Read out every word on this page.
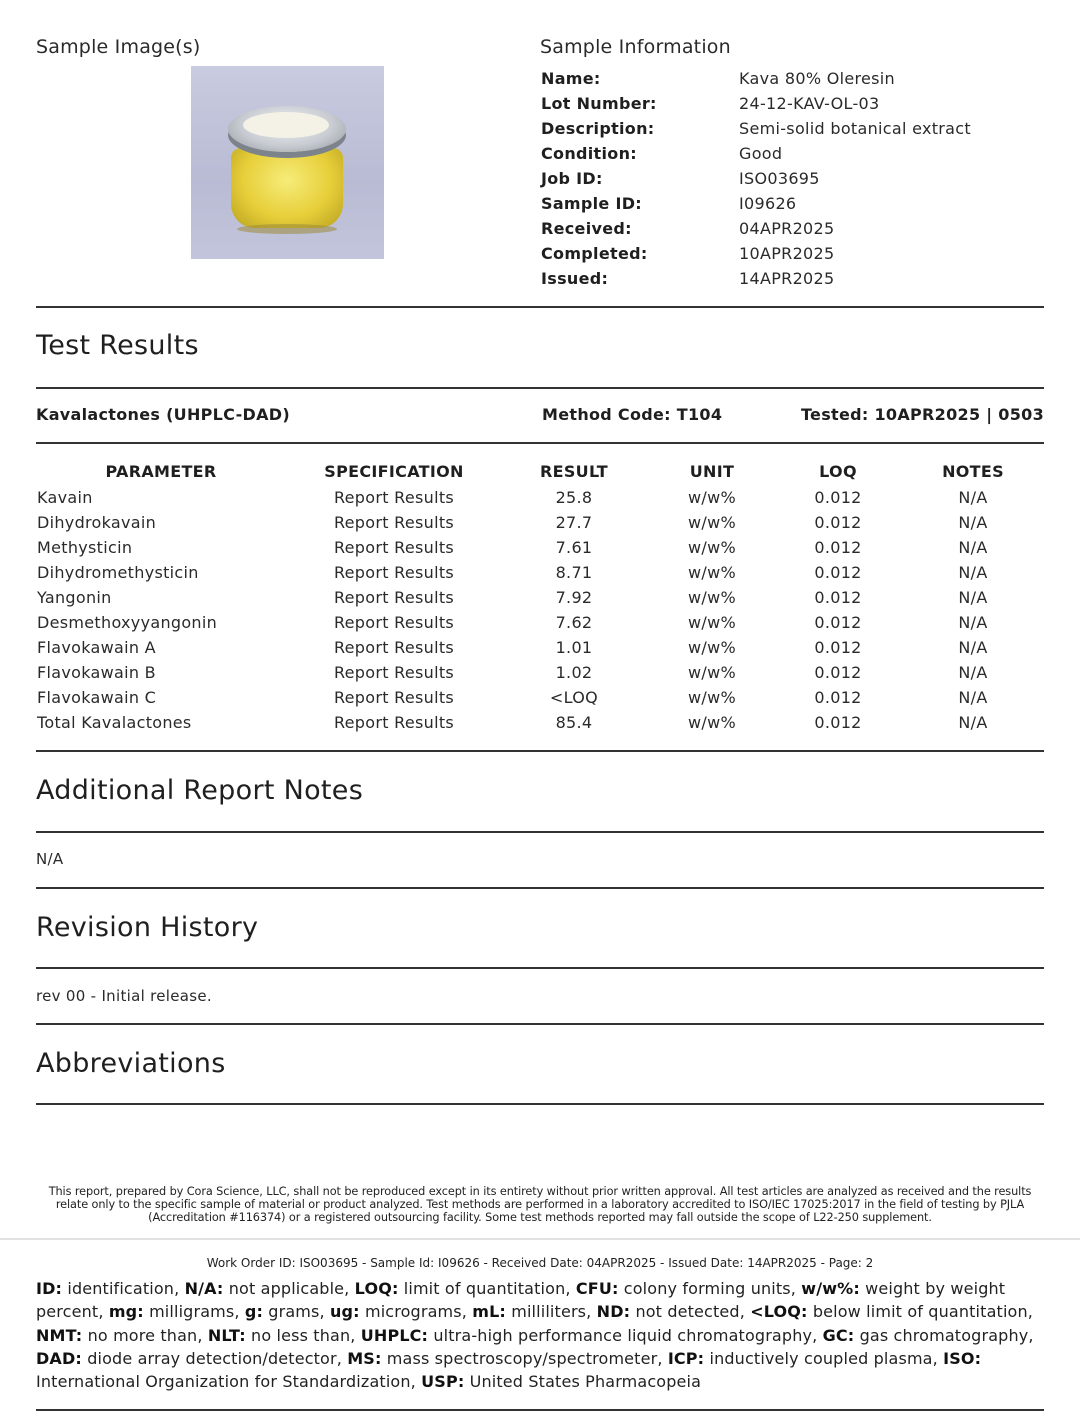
Sample Image(s)	Sample Information
Name:	Kava 80% Oleresin
Lot Number:	24-12-KAV-OL-03
Description:	Semi-solid botanical extract
Condition:	Good
Job ID:	ISO03695
Sample ID:	I09626
Received:	04APR2025
Completed:	10APR2025
Issued:	14APR2025
Test Results
Kavalactones (UHPLC-DAD)	Method Code: T104	Tested: 10APR2025 | 0503
PARAMETER	SPECIFICATION	RESULT	UNIT	LOQ	NOTES
Kavain	Report Results	25.8	w/w%	0.012	N/A
Dihydrokavain	Report Results	27.7	w/w%	0.012	N/A
Methysticin	Report Results	7.61	w/w%	0.012	N/A
Dihydromethysticin	Report Results	8.71	w/w%	0.012	N/A
Yangonin	Report Results	7.92	w/w%	0.012	N/A
Desmethoxyyangonin	Report Results	7.62	w/w%	0.012	N/A
Flavokawain A	Report Results	1.01	w/w%	0.012	N/A
Flavokawain B	Report Results	1.02	w/w%	0.012	N/A
Flavokawain C	Report Results	<LOQ	w/w%	0.012	N/A
Total Kavalactones	Report Results	85.4	w/w%	0.012	N/A
Additional Report Notes
N/A
Revision History
rev 00 - Initial release.
Abbreviations
This report, prepared by Cora Science, LLC, shall not be reproduced except in its entirety without prior written approval. All test articles are analyzed as received and the results relate only to the specific sample of material or product analyzed. Test methods are performed in a laboratory accredited to ISO/IEC 17025:2017 in the field of testing by PJLA (Accreditation #116374) or a registered outsourcing facility. Some test methods reported may fall outside the scope of L22-250 supplement.
Work Order ID: ISO03695 - Sample Id: I09626 - Received Date: 04APR2025 - Issued Date: 14APR2025 - Page: 2
ID: identification, N/A: not applicable, LOQ: limit of quantitation, CFU: colony forming units, w/w%: weight by weight percent, mg: milligrams, g: grams, ug: micrograms, mL: milliliters, ND: not detected, <LOQ: below limit of quantitation, NMT: no more than, NLT: no less than, UHPLC: ultra-high performance liquid chromatography, GC: gas chromatography, DAD: diode array detection/detector, MS: mass spectroscopy/spectrometer, ICP: inductively coupled plasma, ISO: International Organization for Standardization, USP: United States Pharmacopeia
